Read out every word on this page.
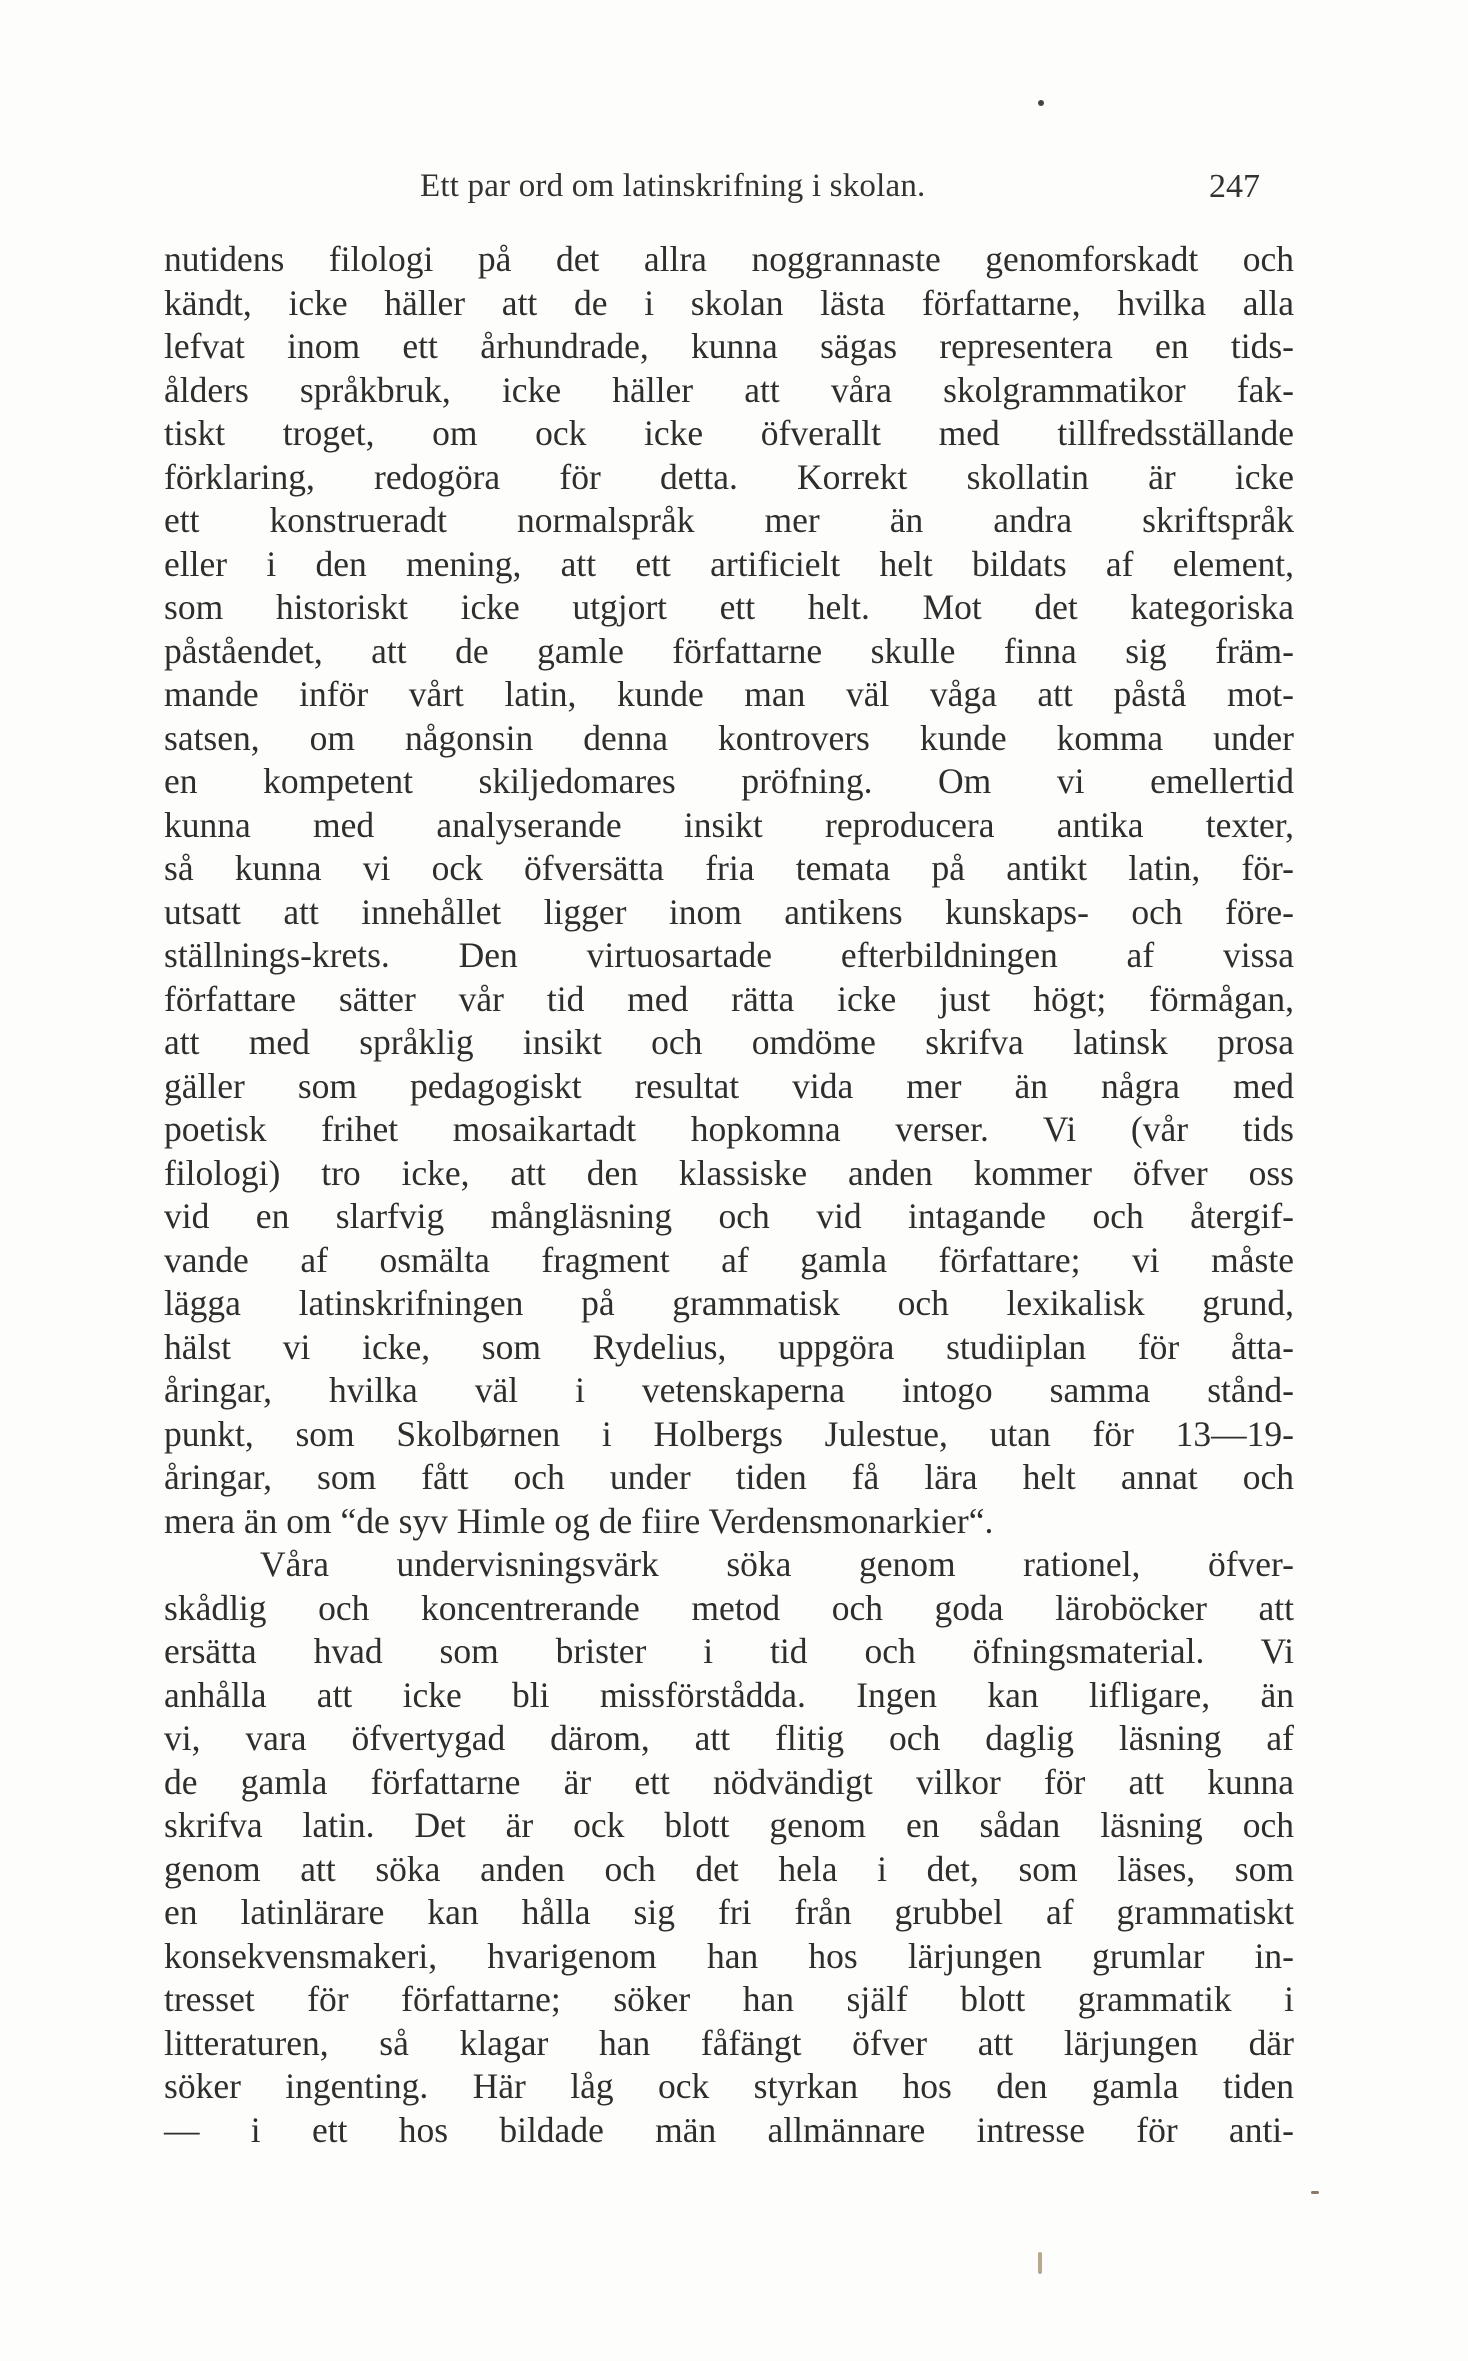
Ett par ord om latinskrifning i skolan.	247
nutidens filologi på det allra noggrannaste genomforskadt och
kändt, icke häller att de i skolan lästa författarne, hvilka alla
lefvat inom ett århundrade, kunna sägas representera en tids-
ålders språkbruk, icke häller att våra skolgrammatikor fak-
tiskt troget, om ock icke öfverallt med tillfredsställande
förklaring, redogöra för detta. Korrekt skollatin är icke
ett konstrueradt normalspråk mer än andra skriftspråk
eller i den mening, att ett artificielt helt bildats af element,
som historiskt icke utgjort ett helt. Mot det kategoriska
påståendet, att de gamle författarne skulle finna sig främ-
mande inför vårt latin, kunde man väl våga att påstå mot-
satsen, om någonsin denna kontrovers kunde komma under
en kompetent skiljedomares pröfning. Om vi emellertid
kunna med analyserande insikt reproducera antika texter,
så kunna vi ock öfversätta fria temata på antikt latin, för-
utsatt att innehållet ligger inom antikens kunskaps- och före-
ställnings-krets. Den virtuosartade efterbildningen af vissa
författare sätter vår tid med rätta icke just högt; förmågan,
att med språklig insikt och omdöme skrifva latinsk prosa
gäller som pedagogiskt resultat vida mer än några med
poetisk frihet mosaikartadt hopkomna verser. Vi (vår tids
filologi) tro icke, att den klassiske anden kommer öfver oss
vid en slarfvig mångläsning och vid intagande och återgif-
vande af osmälta fragment af gamla författare; vi måste
lägga latinskrifningen på grammatisk och lexikalisk grund,
hälst vi icke, som Rydelius, uppgöra studiiplan för åtta-
åringar, hvilka väl i vetenskaperna intogo samma stånd-
punkt, som Skolbørnen i Holbergs Julestue, utan för 13—19-
åringar, som fått och under tiden få lära helt annat och
mera än om “de syv Himle og de fiire Verdensmonarkier“.
Våra undervisningsvärk söka genom rationel, öfver-
skådlig och koncentrerande metod och goda läroböcker att
ersätta hvad som brister i tid och öfningsmaterial. Vi
anhålla att icke bli missförstådda. Ingen kan lifligare, än
vi, vara öfvertygad därom, att flitig och daglig läsning af
de gamla författarne är ett nödvändigt vilkor för att kunna
skrifva latin. Det är ock blott genom en sådan läsning och
genom att söka anden och det hela i det, som läses, som
en latinlärare kan hålla sig fri från grubbel af grammatiskt
konsekvensmakeri, hvarigenom han hos lärjungen grumlar in-
tresset för författarne; söker han själf blott grammatik i
litteraturen, så klagar han fåfängt öfver att lärjungen där
söker ingenting. Här låg ock styrkan hos den gamla tiden
— i ett hos bildade män allmännare intresse för anti-
